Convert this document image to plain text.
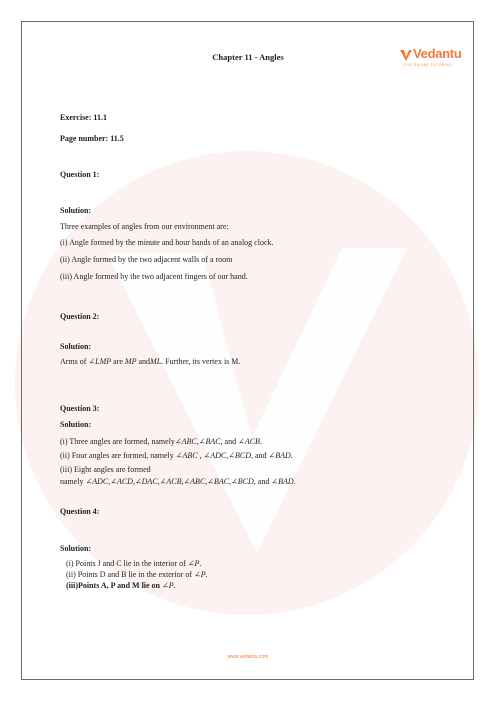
Chapter 11 - Angles	Vedantu
LIVE ONLINE TUTORING
Exercise: 11.1
Page number: 11.5
Question 1:
Solution:
Three examples of angles from our environment are:
(i) Angle formed by the minute and hour hands of an analog clock.
(ii) Angle formed by the two adjacent walls of a room
(iii) Angle formed by the two adjacent fingers of our hand.
Question 2:
Solution:
Arms of ∠LMP are MP andML. Further, its vertex is M.
Question 3:
Solution:
(i) Three angles are formed, namely∠ABC,∠BAC, and ∠ACB.
(ii) Four angles are formed, namely ∠ABC , ∠ADC,∠BCD, and ∠BAD.
(iii) Eight angles are formed
namely ∠ADC,∠ACD,∠DAC,∠ACB,∠ABC,∠BAC,∠BCD, and ∠BAD.
Question 4:
Solution:
(i) Points J and C lie in the interior of ∠P.
(ii) Points D and B lie in the exterior of ∠P.
(iii)Points A, P and M lie on ∠P.
www.vedantu.com
